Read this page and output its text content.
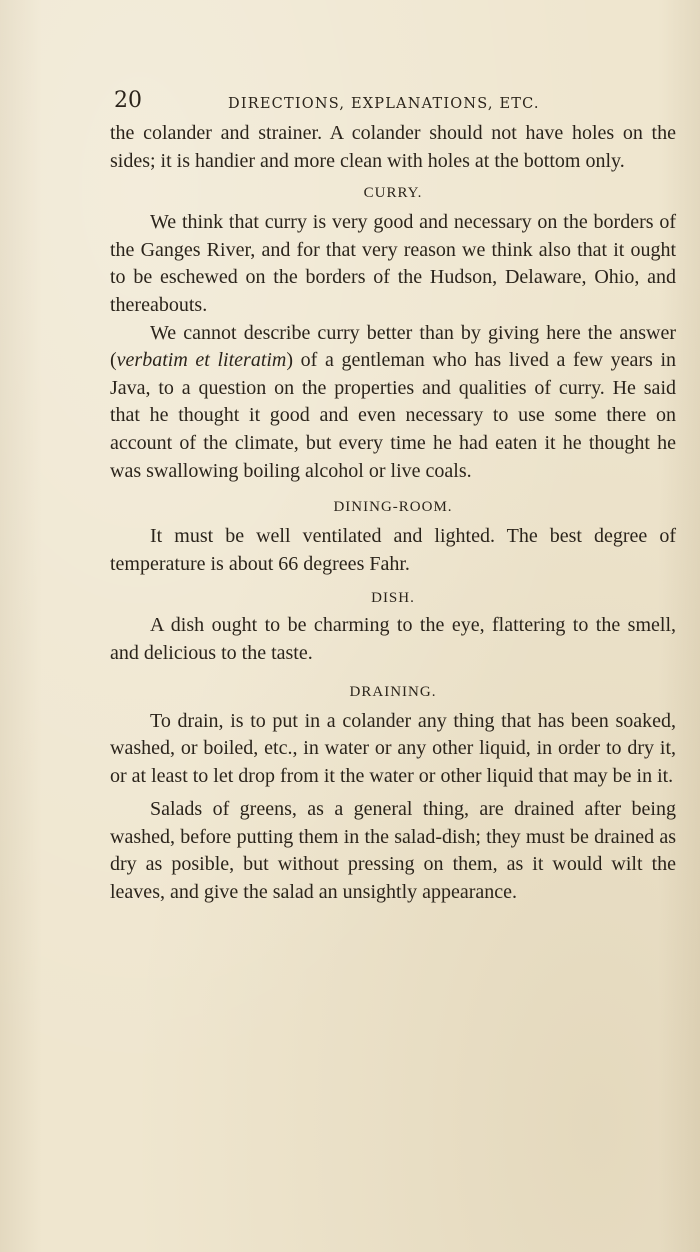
20	DIRECTIONS, EXPLANATIONS, ETC.

the colander and strainer. A colander should not have holes on the sides; it is handier and more clean with holes at the bottom only.

CURRY.

We think that curry is very good and necessary on the borders of the Ganges River, and for that very reason we think also that it ought to be eschewed on the borders of the Hudson, Delaware, Ohio, and thereabouts.

We cannot describe curry better than by giving here the answer (verbatim et literatim) of a gentleman who has lived a few years in Java, to a question on the properties and qualities of curry. He said that he thought it good and even necessary to use some there on account of the climate, but every time he had eaten it he thought he was swallowing boiling alcohol or live coals.

DINING-ROOM.

It must be well ventilated and lighted. The best degree of temperature is about 66 degrees Fahr.

DISH.

A dish ought to be charming to the eye, flattering to the smell, and delicious to the taste.

DRAINING.

To drain, is to put in a colander any thing that has been soaked, washed, or boiled, etc., in water or any other liquid, in order to dry it, or at least to let drop from it the water or other liquid that may be in it.

Salads of greens, as a general thing, are drained after being washed, before putting them in the salad-dish; they must be drained as dry as posible, but without pressing on them, as it would wilt the leaves, and give the salad an unsightly appearance.
